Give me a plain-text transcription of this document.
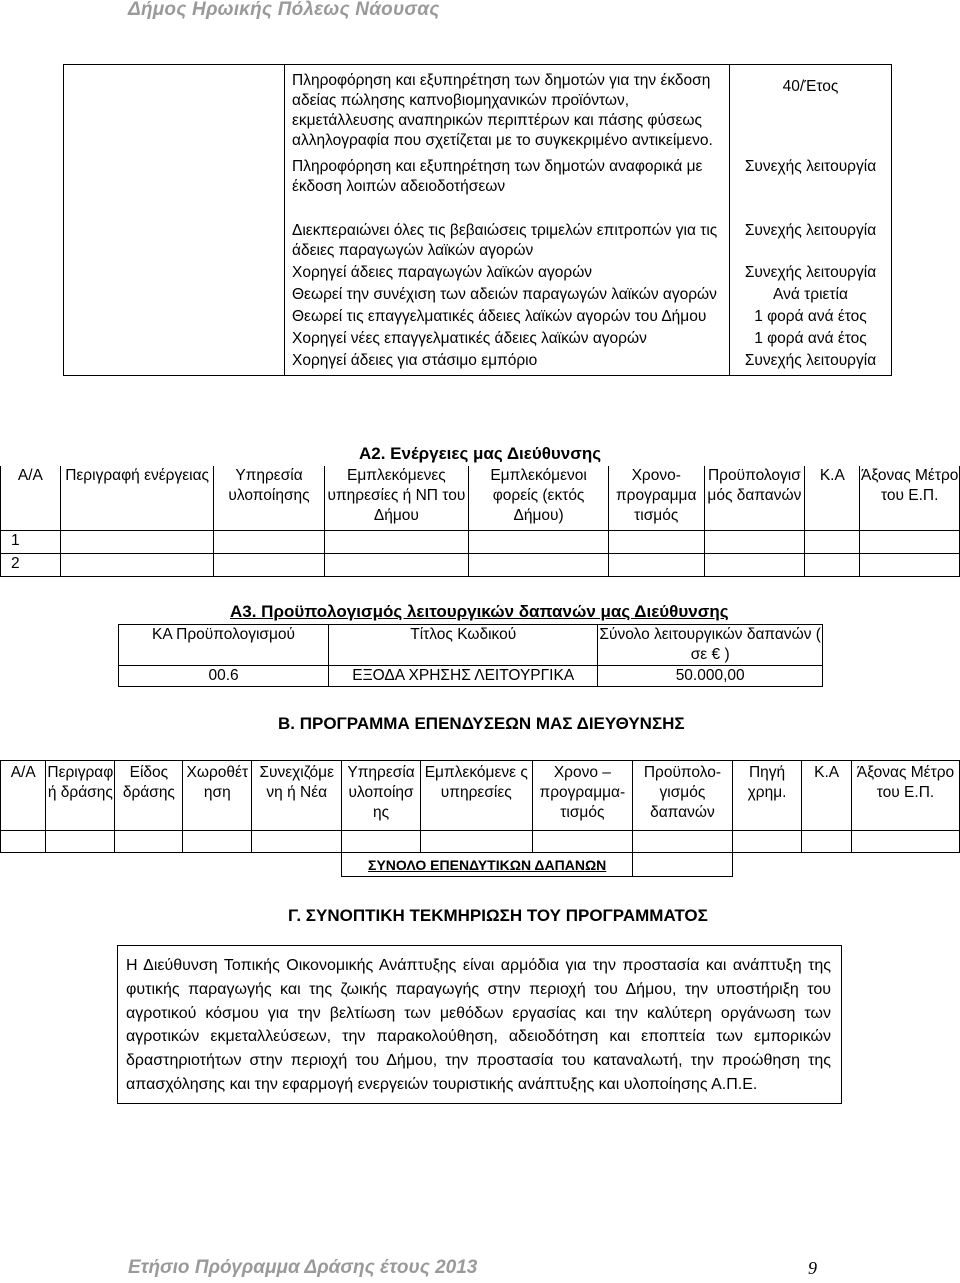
Δήμος Ηρωικής Πόλεως Νάουσας
	Πληροφόρηση και εξυπηρέτηση των δημοτών για την έκδοση αδείας πώλησης καπνοβιομηχανικών προϊόντων, εκμετάλλευσης αναπηρικών περιπτέρων και πάσης φύσεως αλληλογραφία που σχετίζεται με το συγκεκριμένο αντικείμενο.	40/Έτος
	Πληροφόρηση και εξυπηρέτηση των δημοτών αναφορικά με έκδοση λοιπών αδειοδοτήσεων	Συνεχής λειτουργία
	Διεκπεραιώνει όλες τις βεβαιώσεις τριμελών επιτροπών για τις άδειες παραγωγών λαϊκών αγορών	Συνεχής λειτουργία
	Χορηγεί άδειες παραγωγών λαϊκών αγορών	Συνεχής λειτουργία
	Θεωρεί την συνέχιση των αδειών παραγωγών λαϊκών αγορών	Ανά τριετία
	Θεωρεί τις επαγγελματικές άδειες λαϊκών αγορών του Δήμου	1 φορά ανά έτος
	Χορηγεί νέες επαγγελματικές άδειες λαϊκών αγορών	1 φορά ανά έτος
	Χορηγεί άδειες για στάσιμο εμπόριο	Συνεχής λειτουργία
Α2. Ενέργειες μας Διεύθυνσης
Α/Α	Περιγραφή ενέργειας	Υπηρεσία υλοποίησης	Εμπλεκόμενες υπηρεσίες ή ΝΠ του Δήμου	Εμπλεκόμενοι φορείς (εκτός Δήμου)	Χρονο-προγραμμα τισμός	Προϋπολογισ μός δαπανών	Κ.Α	Άξονας Μέτρο του Ε.Π.
1								
2								
Α3. Προϋπολογισμός λειτουργικών δαπανών μας Διεύθυνσης
ΚΑ Προϋπολογισμού	Τίτλος Κωδικού	Σύνολο λειτουργικών δαπανών ( σε € )
00.6	ΕΞΟΔΑ ΧΡΗΣΗΣ ΛΕΙΤΟΥΡΓΙΚΑ	50.000,00
Β. ΠΡΟΓΡΑΜΜΑ ΕΠΕΝΔΥΣΕΩΝ ΜΑΣ ΔΙΕΥΘΥΝΣΗΣ
Α/Α	Περιγραφ ή δράσης	Είδος δράσης	Χωροθέτ ηση	Συνεχιζόμε νη ή Νέα	Υπηρεσία υλοποίησ ης	Εμπλεκόμενε ς υπηρεσίες	Χρονο – προγραμμα-τισμός	Προϋπολο-γισμός δαπανών	Πηγή χρημ.	Κ.Α	Άξονας Μέτρο του Ε.Π.

					ΣΥΝΟΛΟ ΕΠΕΝΔΥΤΙΚΩΝ ΔΑΠΑΝΩΝ						
Γ. ΣΥΝΟΠΤΙΚΗ ΤΕΚΜΗΡΙΩΣΗ ΤΟΥ ΠΡΟΓΡΑΜΜΑΤΟΣ
Η Διεύθυνση Τοπικής Οικονομικής Ανάπτυξης είναι αρμόδια για την προστασία και ανάπτυξη της φυτικής παραγωγής και της ζωικής παραγωγής στην περιοχή του Δήμου, την υποστήριξη του αγροτικού κόσμου για την βελτίωση των μεθόδων εργασίας και την καλύτερη οργάνωση των αγροτικών εκμεταλλεύσεων, την παρακολούθηση, αδειοδότηση και εποπτεία των εμπορικών δραστηριοτήτων στην περιοχή του Δήμου, την προστασία του καταναλωτή, την προώθηση της απασχόλησης και την εφαρμογή ενεργειών τουριστικής ανάπτυξης και υλοποίησης Α.Π.Ε.
Ετήσιο Πρόγραμμα Δράσης έτους 2013	9
